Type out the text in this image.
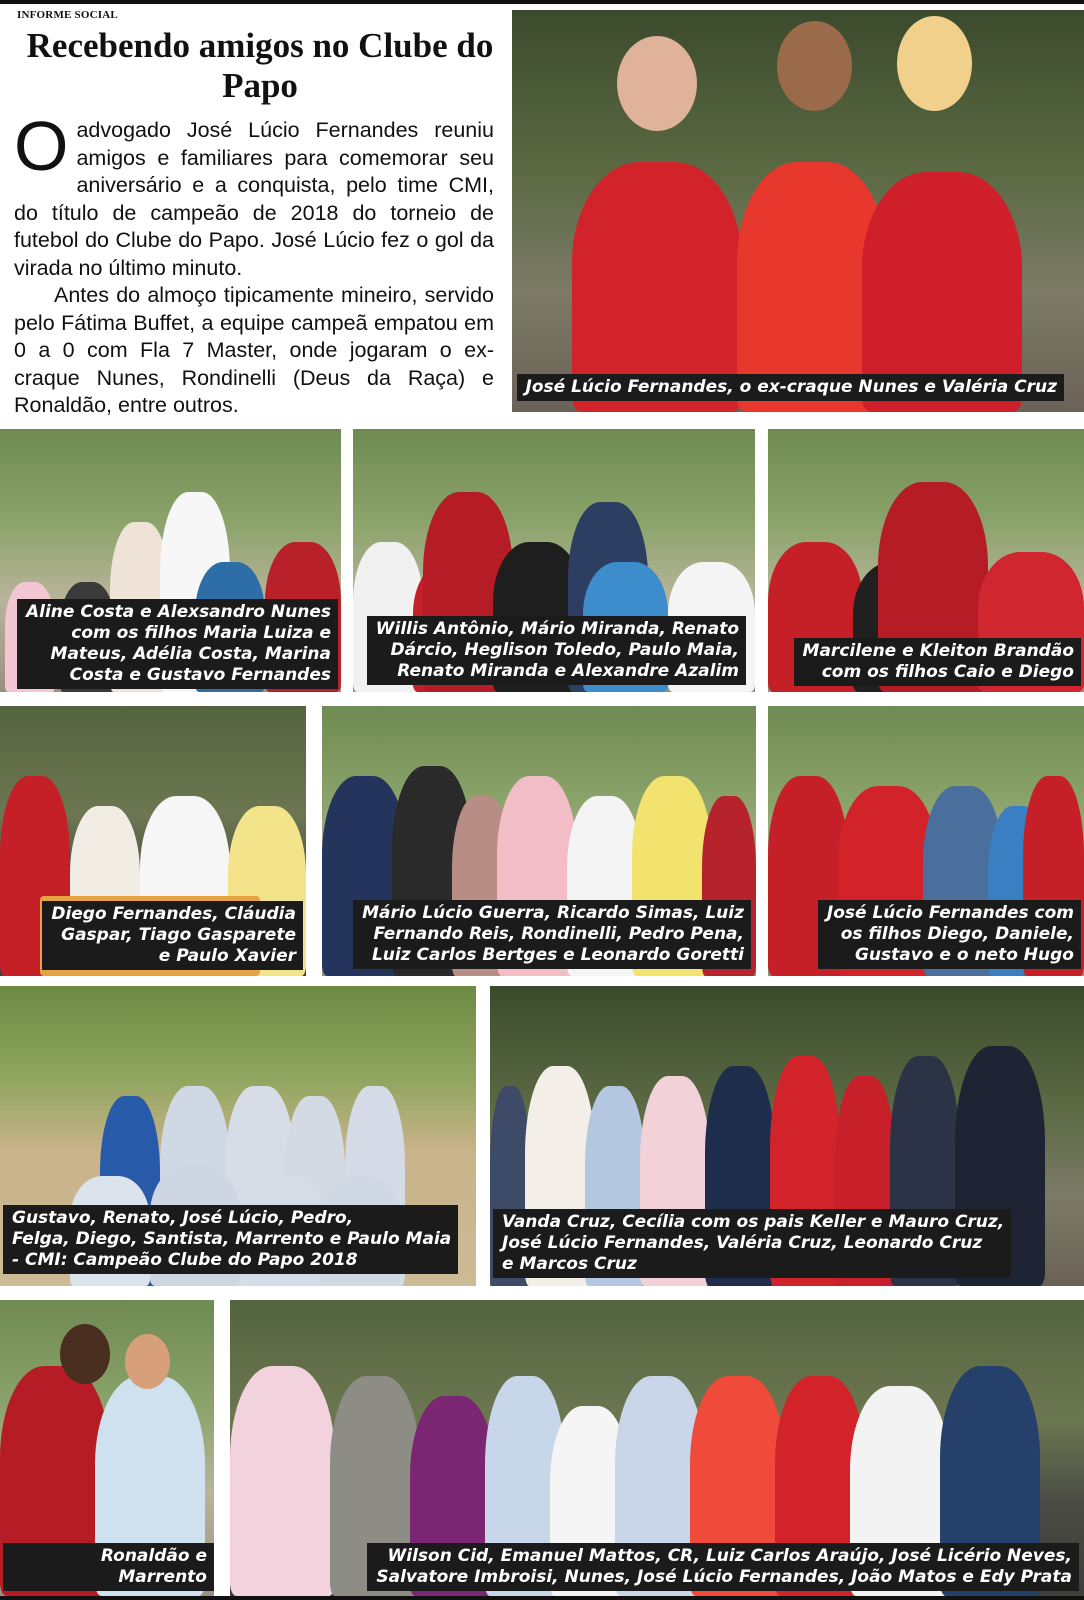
INFORME SOCIAL
Recebendo amigos no Clube do Papo

Oadvogado José Lúcio Fernandes reuniu amigos e familiares para comemorar seu aniversário e a conquista, pelo time CMI, do título de campeão de 2018 do torneio de futebol do Clube do Papo. José Lúcio fez o gol da virada no último minuto.

Antes do almoço tipicamente mineiro, servido pelo Fátima Buffet, a equipe campeã empatou em 0 a 0 com Fla 7 Master, onde jogaram o ex-craque Nunes, Rondinelli (Deus da Raça) e Ronaldão, entre outros.

José Lúcio Fernandes, o ex-craque Nunes e Valéria Cruz
Aline Costa e Alexsandro Nunes
com os filhos Maria Luiza e
Mateus, Adélia Costa, Marina
Costa e Gustavo Fernandes
Willis Antônio, Mário Miranda, Renato
Dárcio, Heglison Toledo, Paulo Maia,
Renato Miranda e Alexandre Azalim
Marcilene e Kleiton Brandão
com os filhos Caio e Diego
Diego Fernandes, Cláudia
Gaspar, Tiago Gasparete
e Paulo Xavier
Mário Lúcio Guerra, Ricardo Simas, Luiz
Fernando Reis, Rondinelli, Pedro Pena,
Luiz Carlos Bertges e Leonardo Goretti
José Lúcio Fernandes com
os filhos Diego, Daniele,
Gustavo e o neto Hugo
Gustavo, Renato, José Lúcio, Pedro,
Felga, Diego, Santista, Marrento e Paulo Maia
- CMI: Campeão Clube do Papo 2018
Vanda Cruz, Cecília com os pais Keller e Mauro Cruz,
José Lúcio Fernandes, Valéria Cruz, Leonardo Cruz
e Marcos Cruz
Ronaldão e Marrento
Wilson Cid, Emanuel Mattos, CR, Luiz Carlos Araújo, José Licério Neves,
Salvatore Imbroisi, Nunes, José Lúcio Fernandes, João Matos e Edy Prata
